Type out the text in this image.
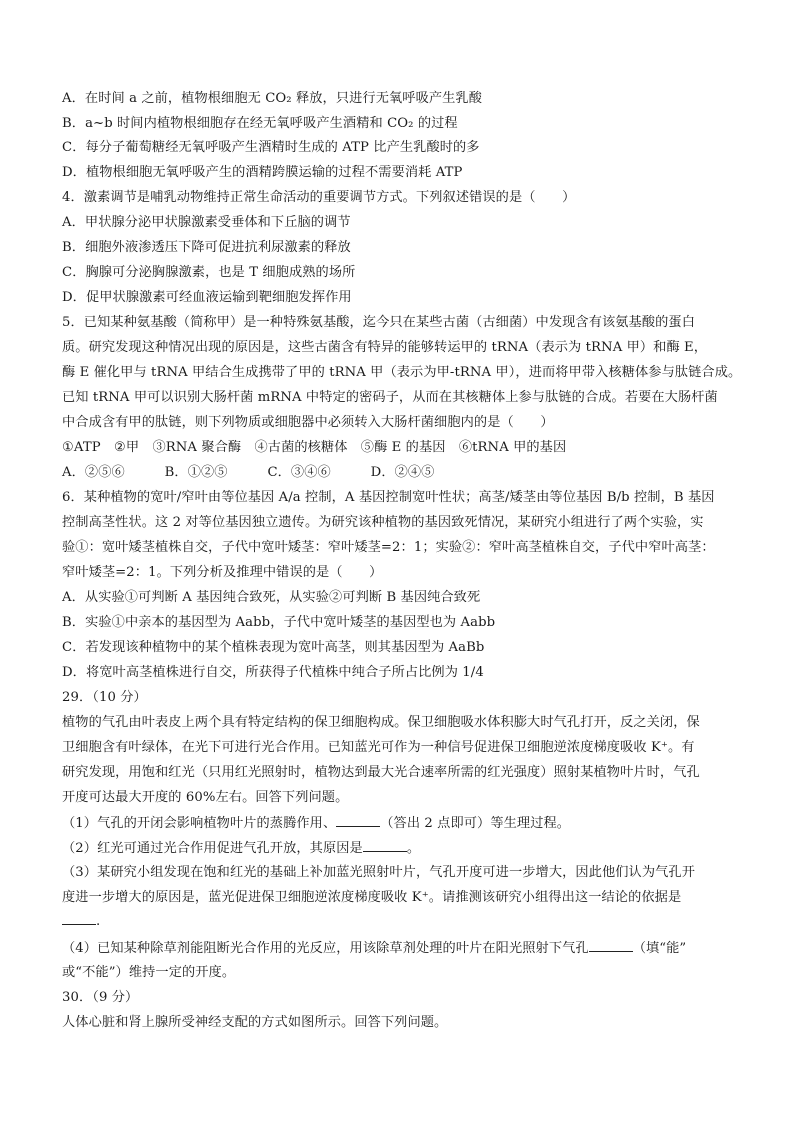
A．在时间 a 之前，植物根细胞无 CO₂ 释放，只进行无氧呼吸产生乳酸
B．a~b 时间内植物根细胞存在经无氧呼吸产生酒精和 CO₂ 的过程
C．每分子葡萄糖经无氧呼吸产生酒精时生成的 ATP 比产生乳酸时的多
D．植物根细胞无氧呼吸产生的酒精跨膜运输的过程不需要消耗 ATP
4．激素调节是哺乳动物维持正常生命活动的重要调节方式。下列叙述错误的是（　　）
A．甲状腺分泌甲状腺激素受垂体和下丘脑的调节
B．细胞外液渗透压下降可促进抗利尿激素的释放
C．胸腺可分泌胸腺激素，也是 T 细胞成熟的场所
D．促甲状腺激素可经血液运输到靶细胞发挥作用
5．已知某种氨基酸（简称甲）是一种特殊氨基酸，迄今只在某些古菌（古细菌）中发现含有该氨基酸的蛋白
质。研究发现这种情况出现的原因是，这些古菌含有特异的能够转运甲的 tRNA（表示为 tRNA 甲）和酶 E，
酶 E 催化甲与 tRNA 甲结合生成携带了甲的 tRNA 甲（表示为甲-tRNA 甲），进而将甲带入核糖体参与肽链合成。
已知 tRNA 甲可以识别大肠杆菌 mRNA 中特定的密码子，从而在其核糖体上参与肽链的合成。若要在大肠杆菌
中合成含有甲的肽链，则下列物质或细胞器中必须转入大肠杆菌细胞内的是（　　）
①ATP　②甲　③RNA 聚合酶　④古菌的核糖体　⑤酶 E 的基因　⑥tRNA 甲的基因
A．②⑤⑥　　　B．①②⑤　　　C．③④⑥　　　D．②④⑤
6．某种植物的宽叶/窄叶由等位基因 A/a 控制，A 基因控制宽叶性状；高茎/矮茎由等位基因 B/b 控制，B 基因
控制高茎性状。这 2 对等位基因独立遗传。为研究该种植物的基因致死情况，某研究小组进行了两个实验，实
验①：宽叶矮茎植株自交，子代中宽叶矮茎：窄叶矮茎=2：1；实验②：窄叶高茎植株自交，子代中窄叶高茎：
窄叶矮茎=2：1。下列分析及推理中错误的是（　　）
A．从实验①可判断 A 基因纯合致死，从实验②可判断 B 基因纯合致死
B．实验①中亲本的基因型为 Aabb，子代中宽叶矮茎的基因型也为 Aabb
C．若发现该种植物中的某个植株表现为宽叶高茎，则其基因型为 AaBb
D．将宽叶高茎植株进行自交，所获得子代植株中纯合子所占比例为 1/4
29．（10 分）
植物的气孔由叶表皮上两个具有特定结构的保卫细胞构成。保卫细胞吸水体积膨大时气孔打开，反之关闭，保
卫细胞含有叶绿体，在光下可进行光合作用。已知蓝光可作为一种信号促进保卫细胞逆浓度梯度吸收 K⁺。有
研究发现，用饱和红光（只用红光照射时，植物达到最大光合速率所需的红光强度）照射某植物叶片时，气孔
开度可达最大开度的 60%左右。回答下列问题。
（1）气孔的开闭会影响植物叶片的蒸腾作用、	（答出 2 点即可）等生理过程。
（2）红光可通过光合作用促进气孔开放，其原因是	。
（3）某研究小组发现在饱和红光的基础上补加蓝光照射叶片，气孔开度可进一步增大，因此他们认为气孔开
度进一步增大的原因是，蓝光促进保卫细胞逆浓度梯度吸收 K⁺。请推测该研究小组得出这一结论的依据是
.
（4）已知某种除草剂能阻断光合作用的光反应，用该除草剂处理的叶片在阳光照射下气孔	（填“能”
或“不能”）维持一定的开度。
30．（9 分）
人体心脏和肾上腺所受神经支配的方式如图所示。回答下列问题。
